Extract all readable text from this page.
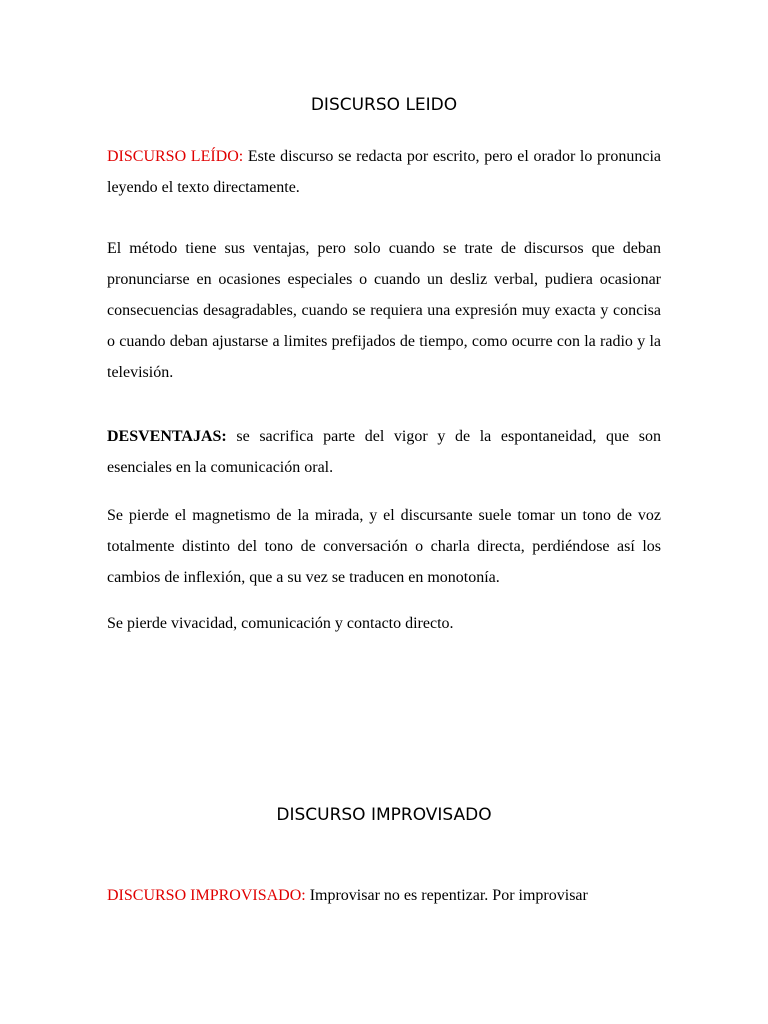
DISCURSO LEIDO

DISCURSO LEÍDO: Este discurso se redacta por escrito, pero el orador lo pronuncia leyendo el texto directamente.

El método tiene sus ventajas, pero solo cuando se trate de discursos que deban pronunciarse en ocasiones especiales o cuando un desliz verbal, pudiera ocasionar consecuencias desagradables, cuando se requiera una expresión muy exacta y concisa o cuando deban ajustarse a limites prefijados de tiempo, como ocurre con la radio y la televisión.

DESVENTAJAS: se sacrifica parte del vigor y de la espontaneidad, que son esenciales en la comunicación oral.

Se pierde el magnetismo de la mirada, y el discursante suele tomar un tono de voz totalmente distinto del tono de conversación o charla directa, perdiéndose así los cambios de inflexión, que a su vez se traducen en monotonía.

Se pierde vivacidad, comunicación y contacto directo.

DISCURSO IMPROVISADO

DISCURSO IMPROVISADO: Improvisar no es repentizar. Por improvisar
